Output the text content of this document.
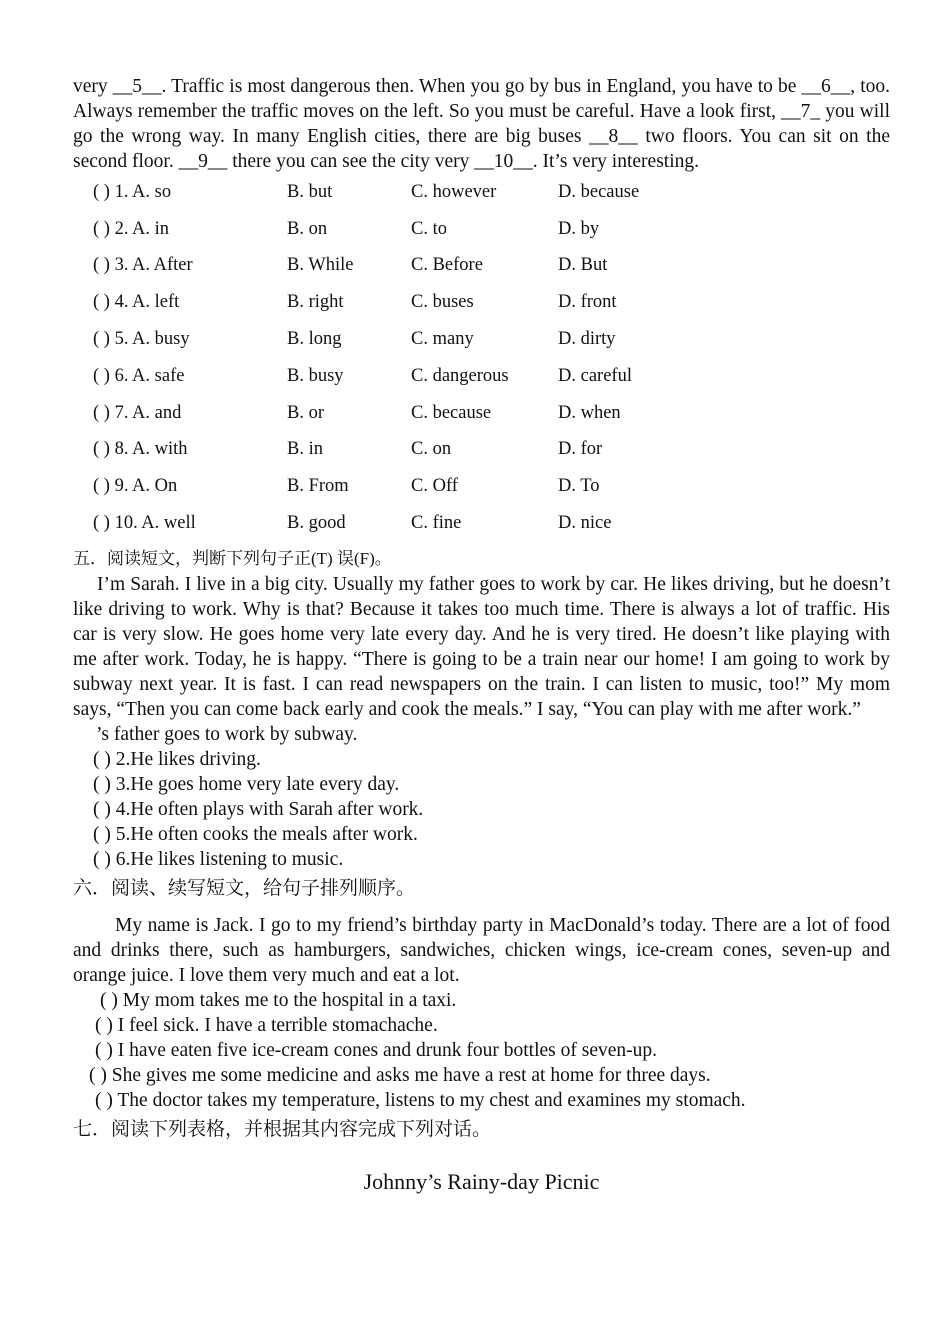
very __5__. Traffic is most dangerous then. When you go by bus in England, you have to be __6__, too. Always remember the traffic moves on the left. So you must be careful. Have a look first, __7_ you will go the wrong way. In many English cities, there are big buses __8__ two floors. You can sit on the second floor. __9__ there you can see the city very __10__. It’s very interesting.

( ) 1. A. so	B. but	C. however	D. because
( ) 2. A. in	B. on	C. to	D. by
( ) 3. A. After	B. While	C. Before	D. But
( ) 4. A. left	B. right	C. buses	D. front
( ) 5. A. busy	B. long	C. many	D. dirty
( ) 6. A. safe	B. busy	C. dangerous	D. careful
( ) 7. A. and	B. or	C. because	D. when
( ) 8. A. with	B. in	C. on	D. for
( ) 9. A. On	B. From	C. Off	D. To
( ) 10. A. well	B. good	C. fine	D. nice

五．阅读短文，判断下列句子正(T) 误(F)。

I’m Sarah. I live in a big city. Usually my father goes to work by car. He likes driving, but he doesn’t like driving to work. Why is that? Because it takes too much time. There is always a lot of traffic. His car is very slow. He goes home very late every day. And he is very tired. He doesn’t like playing with me after work. Today, he is happy. “There is going to be a train near our home! I am going to work by subway next year. It is fast. I can read newspapers on the train. I can listen to music, too!” My mom says, “Then you can come back early and cook the meals.” I say, “You can play with me after work.”

’s father goes to work by subway.

( ) 2.He likes driving.

( ) 3.He goes home very late every day.

( ) 4.He often plays with Sarah after work.

( ) 5.He often cooks the meals after work.

( ) 6.He likes listening to music.

六．阅读、续写短文，给句子排列顺序。

My name is Jack. I go to my friend’s birthday party in MacDonald’s today. There are a lot of food and drinks there, such as hamburgers, sandwiches, chicken wings, ice-cream cones, seven-up and orange juice. I love them very much and eat a lot.

( ) My mom takes me to the hospital in a taxi.

( ) I feel sick. I have a terrible stomachache.

( ) I have eaten five ice-cream cones and drunk four bottles of seven-up.

( ) She gives me some medicine and asks me have a rest at home for three days.

( ) The doctor takes my temperature, listens to my chest and examines my stomach.

七．阅读下列表格，并根据其内容完成下列对话。

Johnny’s Rainy-day Picnic
